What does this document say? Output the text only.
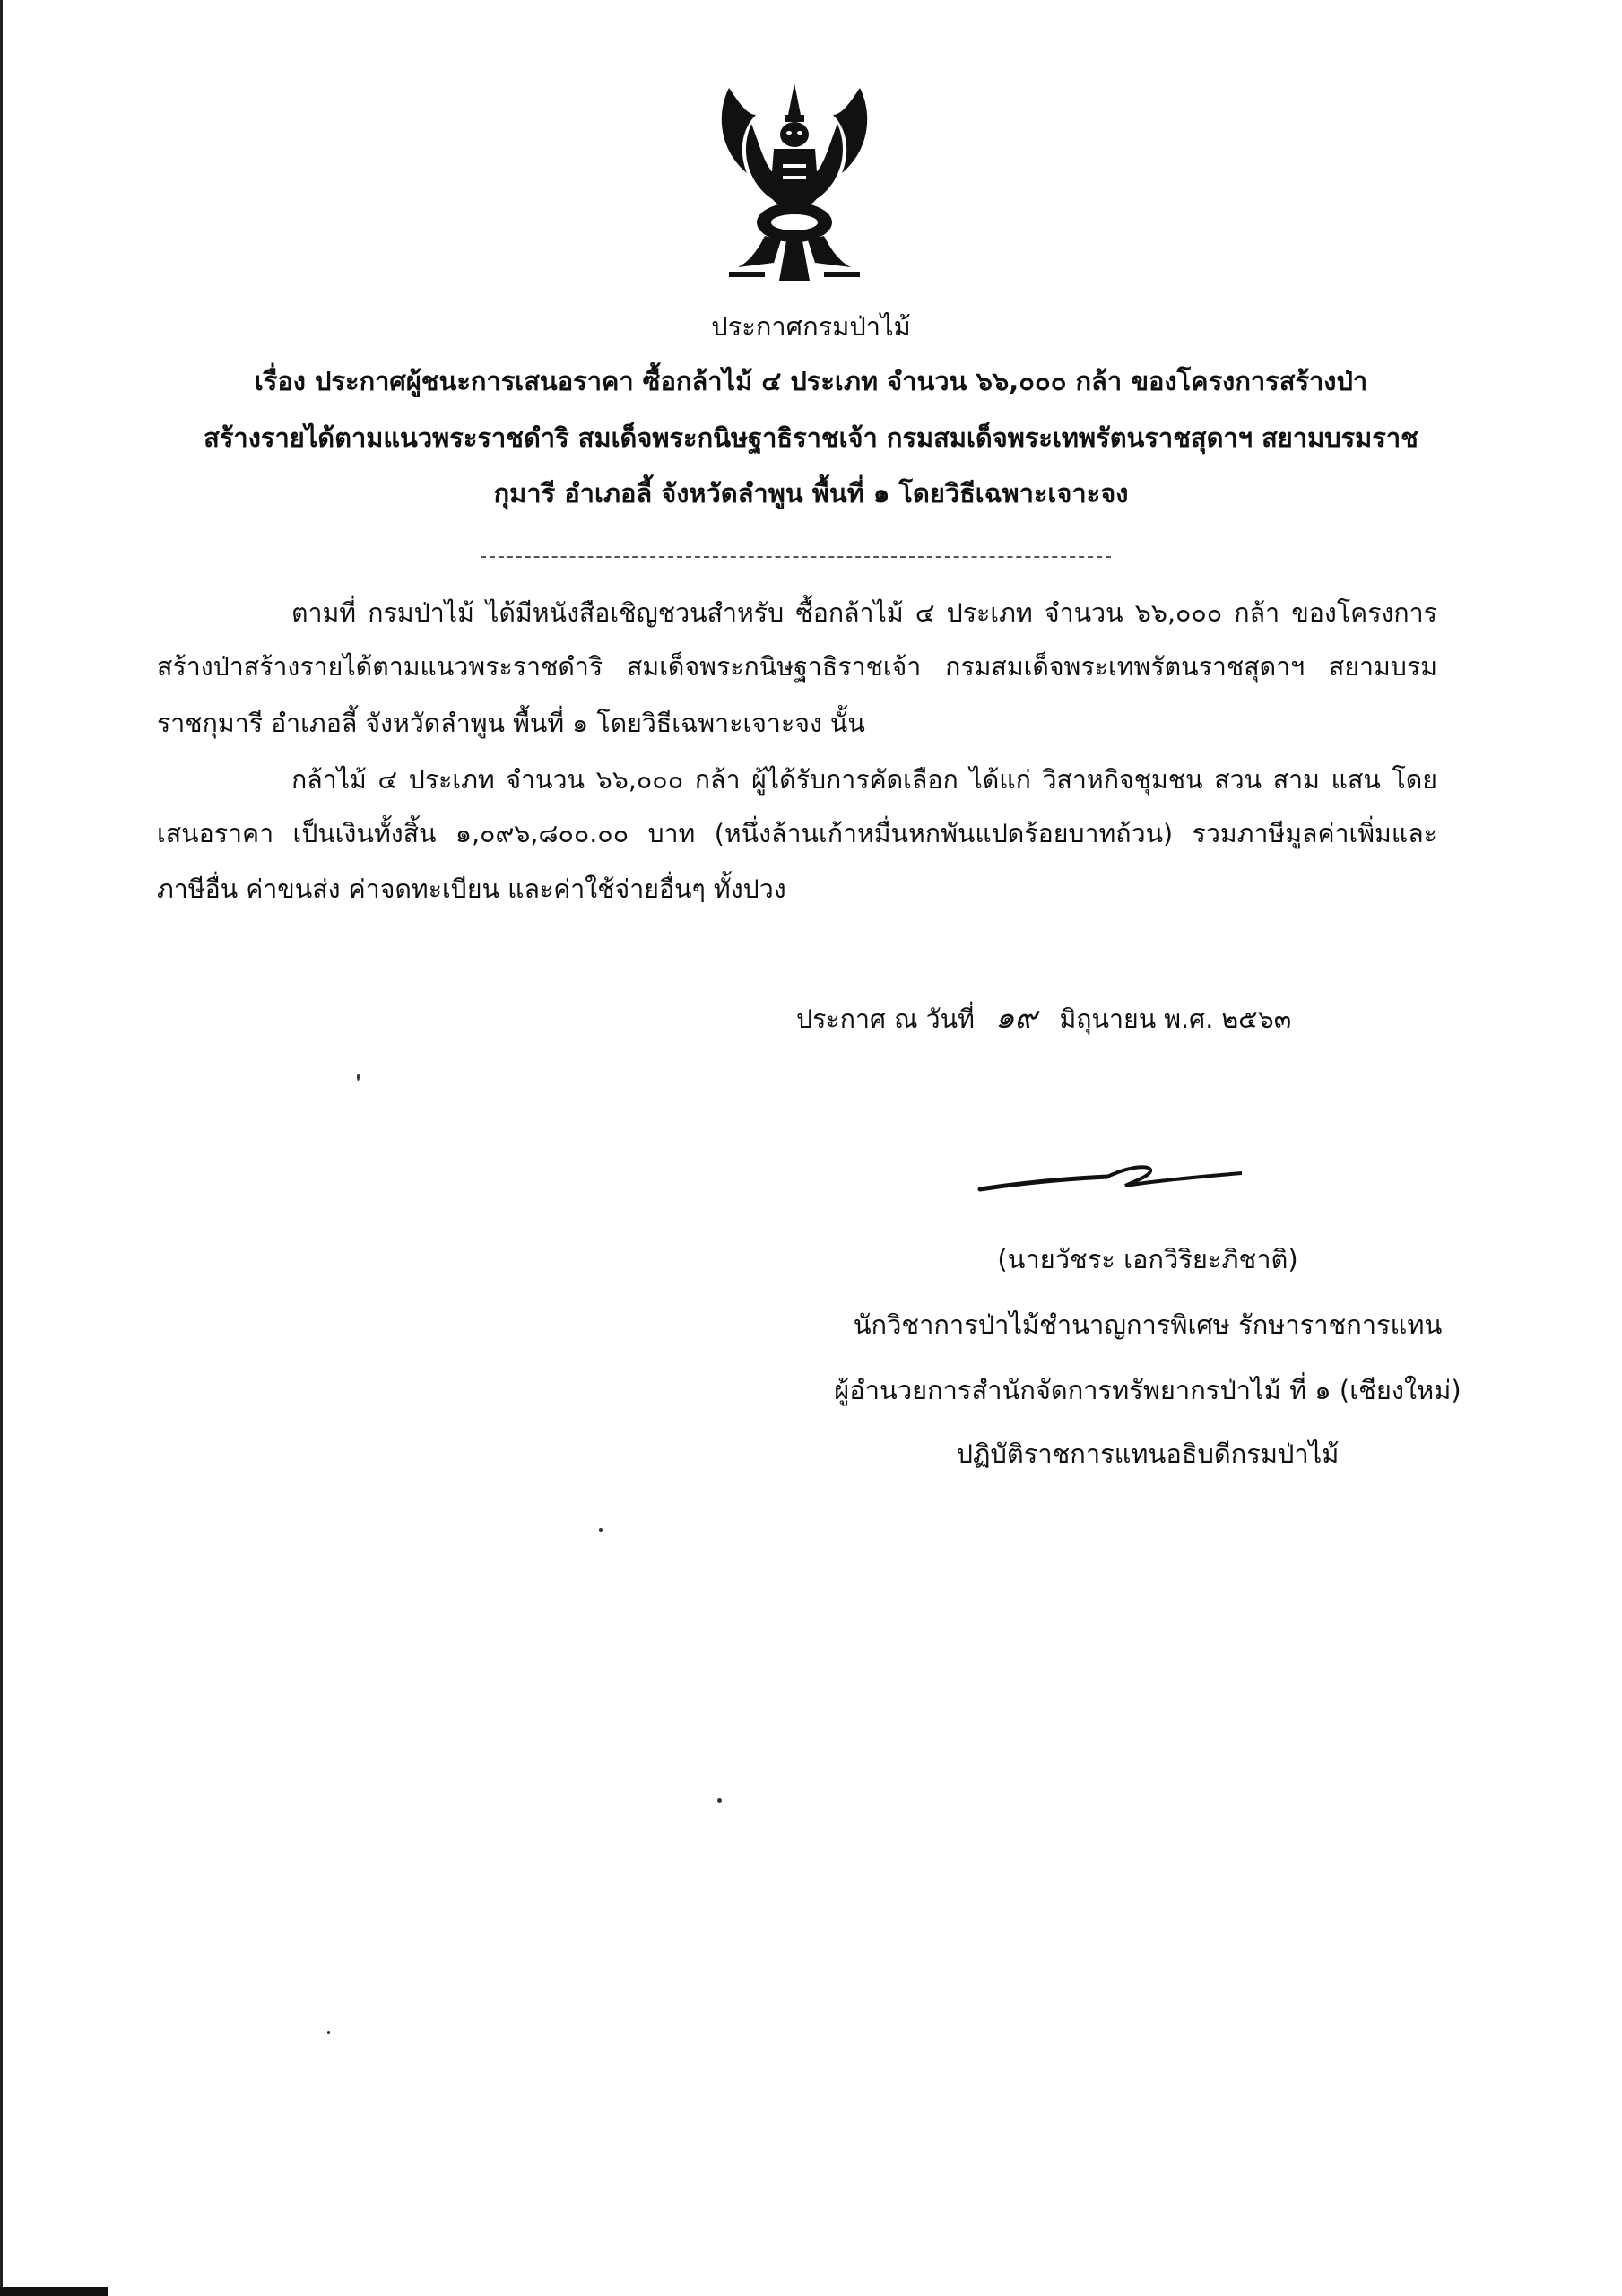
ประกาศกรมป่าไม้
เรื่อง ประกาศผู้ชนะการเสนอราคา ซื้อกล้าไม้ ๔ ประเภท จำนวน ๖๖,๐๐๐ กล้า ของโครงการสร้างป่า
สร้างรายได้ตามแนวพระราชดำริ สมเด็จพระกนิษฐาธิราชเจ้า กรมสมเด็จพระเทพรัตนราชสุดาฯ สยามบรมราช
กุมารี อำเภอลี้ จังหวัดลำพูน พื้นที่ ๑ โดยวิธีเฉพาะเจาะจง
ตามที่ กรมป่าไม้ ได้มีหนังสือเชิญชวนสำหรับ ซื้อกล้าไม้ ๔ ประเภท จำนวน ๖๖,๐๐๐ กล้า ของโครงการ
สร้างป่าสร้างรายได้ตามแนวพระราชดำริ สมเด็จพระกนิษฐาธิราชเจ้า กรมสมเด็จพระเทพรัตนราชสุดาฯ สยามบรม
ราชกุมารี อำเภอลี้ จังหวัดลำพูน พื้นที่ ๑ โดยวิธีเฉพาะเจาะจง นั้น
กล้าไม้ ๔ ประเภท จำนวน ๖๖,๐๐๐ กล้า ผู้ได้รับการคัดเลือก ได้แก่ วิสาหกิจชุมชน สวน สาม แสน โดย
เสนอราคา เป็นเงินทั้งสิ้น ๑,๐๙๖,๘๐๐.๐๐ บาท (หนึ่งล้านเก้าหมื่นหกพันแปดร้อยบาทถ้วน) รวมภาษีมูลค่าเพิ่มและ
ภาษีอื่น ค่าขนส่ง ค่าจดทะเบียน และค่าใช้จ่ายอื่นๆ ทั้งปวง
ประกาศ ณ วันที่ ๑๙ มิถุนายน พ.ศ. ๒๕๖๓
(นายวัชระ เอกวิริยะภิชาติ)
นักวิชาการป่าไม้ชำนาญการพิเศษ รักษาราชการแทน
ผู้อำนวยการสำนักจัดการทรัพยากรป่าไม้ ที่ ๑ (เชียงใหม่)
ปฏิบัติราชการแทนอธิบดีกรมป่าไม้
